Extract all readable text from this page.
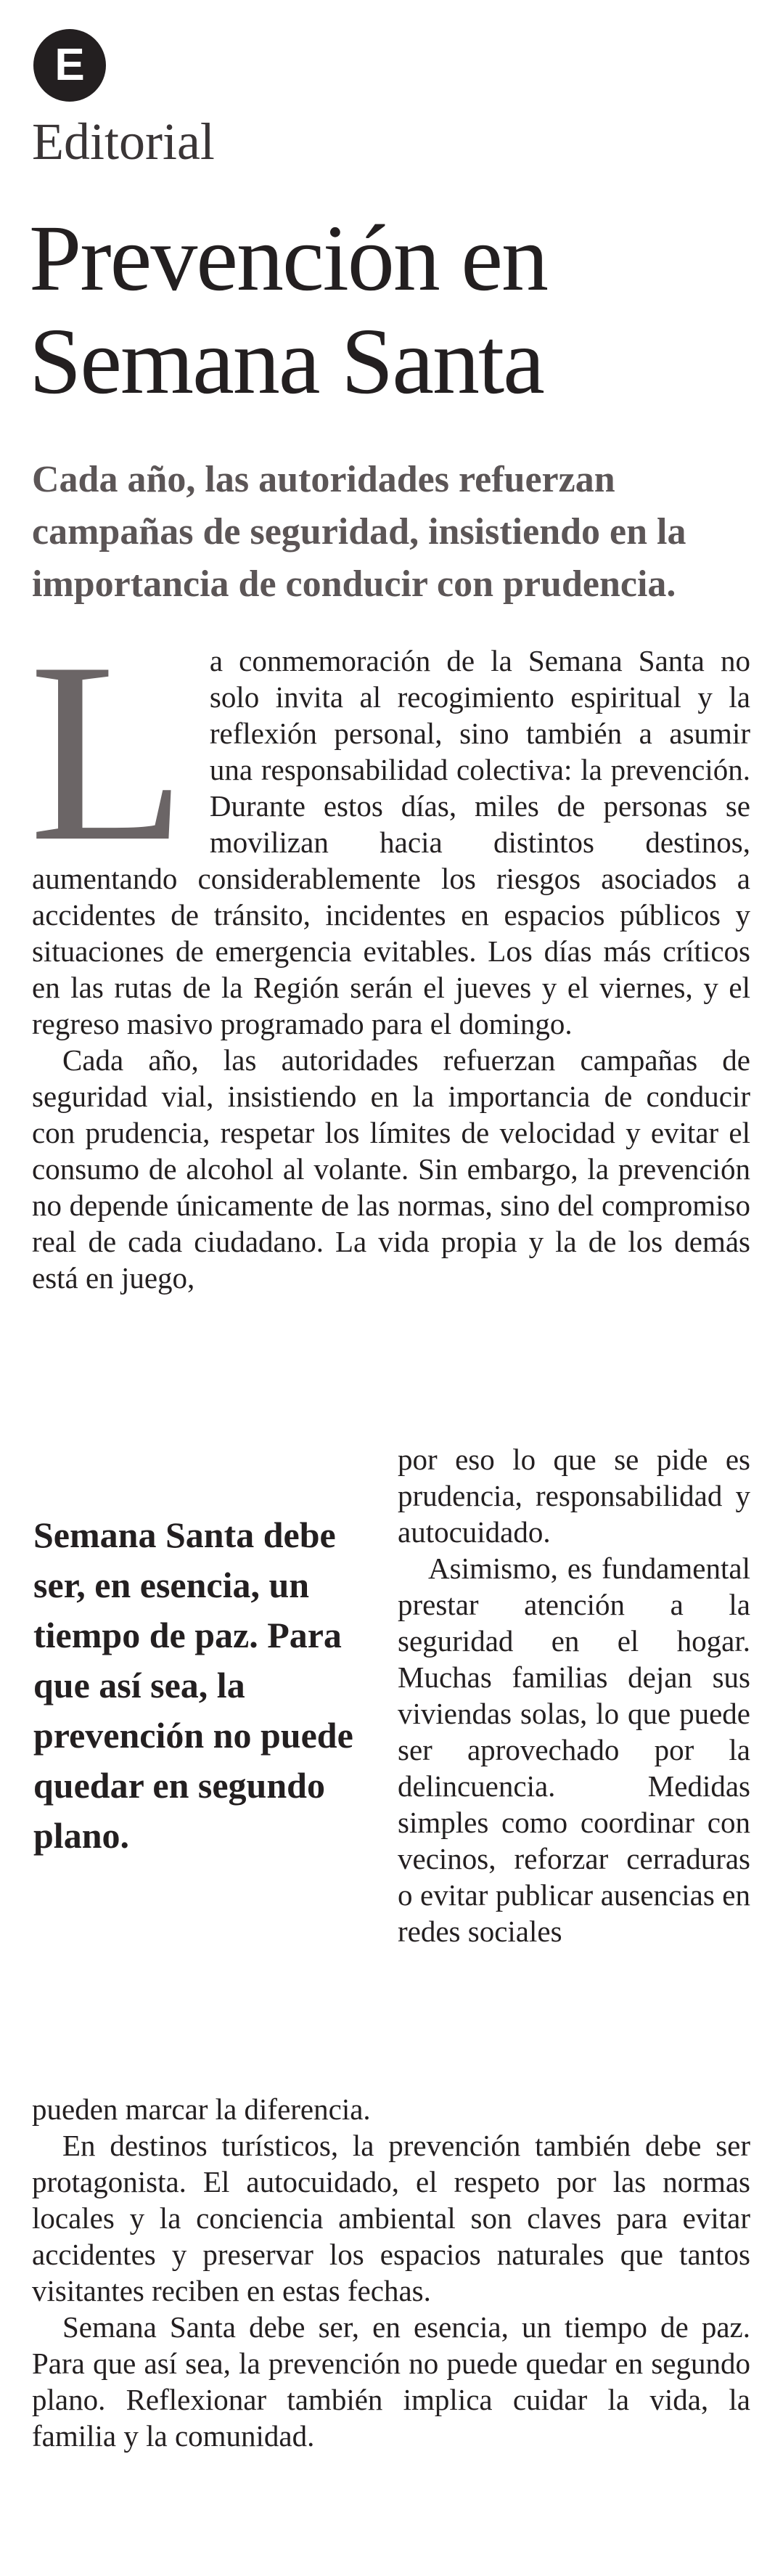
E
Editorial
Prevención en Semana Santa

Cada año, las autoridades refuerzan campañas de seguridad, insistiendo en la importancia de conducir con prudencia.

La conmemoración de la Semana Santa no solo invita al recogimiento espiritual y la reflexión personal, sino también a asumir una responsabilidad colectiva: la prevención. Durante estos días, miles de personas se movilizan hacia distintos destinos, aumentando considerablemente los riesgos asociados a accidentes de tránsito, incidentes en espacios públicos y situaciones de emergencia evitables. Los días más críticos en las rutas de la Región serán el jueves y el viernes, y el regreso masivo programado para el domingo.

Cada año, las autoridades refuerzan campañas de seguridad vial, insistiendo en la importancia de conducir con prudencia, respetar los límites de velocidad y evitar el consumo de alcohol al volante. Sin embargo, la prevención no depende únicamente de las normas, sino del compromiso real de cada ciudadano. La vida propia y la de los demás está en juego,

Semana Santa debe ser, en esencia, un tiempo de paz. Para que así sea, la prevención no puede quedar en segundo plano.

por eso lo que se pide es prudencia, responsabilidad y autocuidado.

Asimismo, es fundamental prestar atención a la seguridad en el hogar. Muchas familias dejan sus viviendas solas, lo que puede ser aprovechado por la delincuencia. Medidas simples como coordinar con vecinos, reforzar cerraduras o evitar publicar ausencias en redes sociales

pueden marcar la diferencia.

En destinos turísticos, la prevención también debe ser protagonista. El autocuidado, el respeto por las normas locales y la conciencia ambiental son claves para evitar accidentes y preservar los espacios naturales que tantos visitantes reciben en estas fechas.

Semana Santa debe ser, en esencia, un tiempo de paz. Para que así sea, la prevención no puede quedar en segundo plano. Reflexionar también implica cuidar la vida, la familia y la comunidad.
